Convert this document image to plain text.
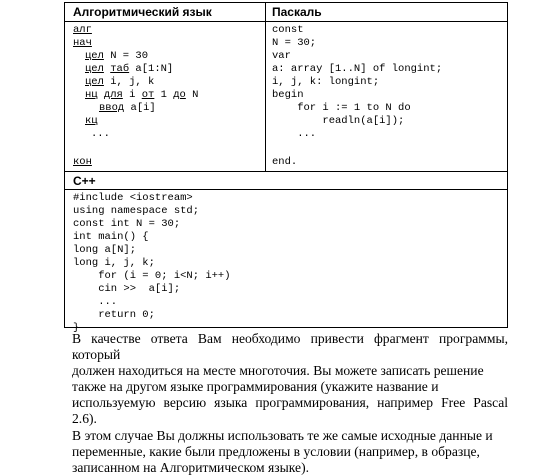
Алгоритмический язык	Паскаль
C++
алг
нач
цел N = 30
цел таб a[1:N]
цел i, j, k
нц для i от 1 до N
ввод a[i]
кц
...
кон
const
N = 30;
var
a: array [1..N] of longint;
i, j, k: longint;
begin
for i := 1 to N do
readln(a[i]);
...
end.
#include <iostream>
using namespace std;
const int N = 30;
int main() {
long a[N];
long i, j, k;
for (i = 0; i<N; i++)
cin >>  a[i];
...
return 0;
}
В качестве ответа Вам необходимо привести фрагмент программы, который
должен находиться на месте многоточия. Вы можете записать решение
также на другом языке программирования (укажите название и
используемую версию языка программирования, например Free Pascal 2.6).
В этом случае Вы должны использовать те же самые исходные данные и
переменные, какие были предложены в условии (например, в образце,
записанном на Алгоритмическом языке).
